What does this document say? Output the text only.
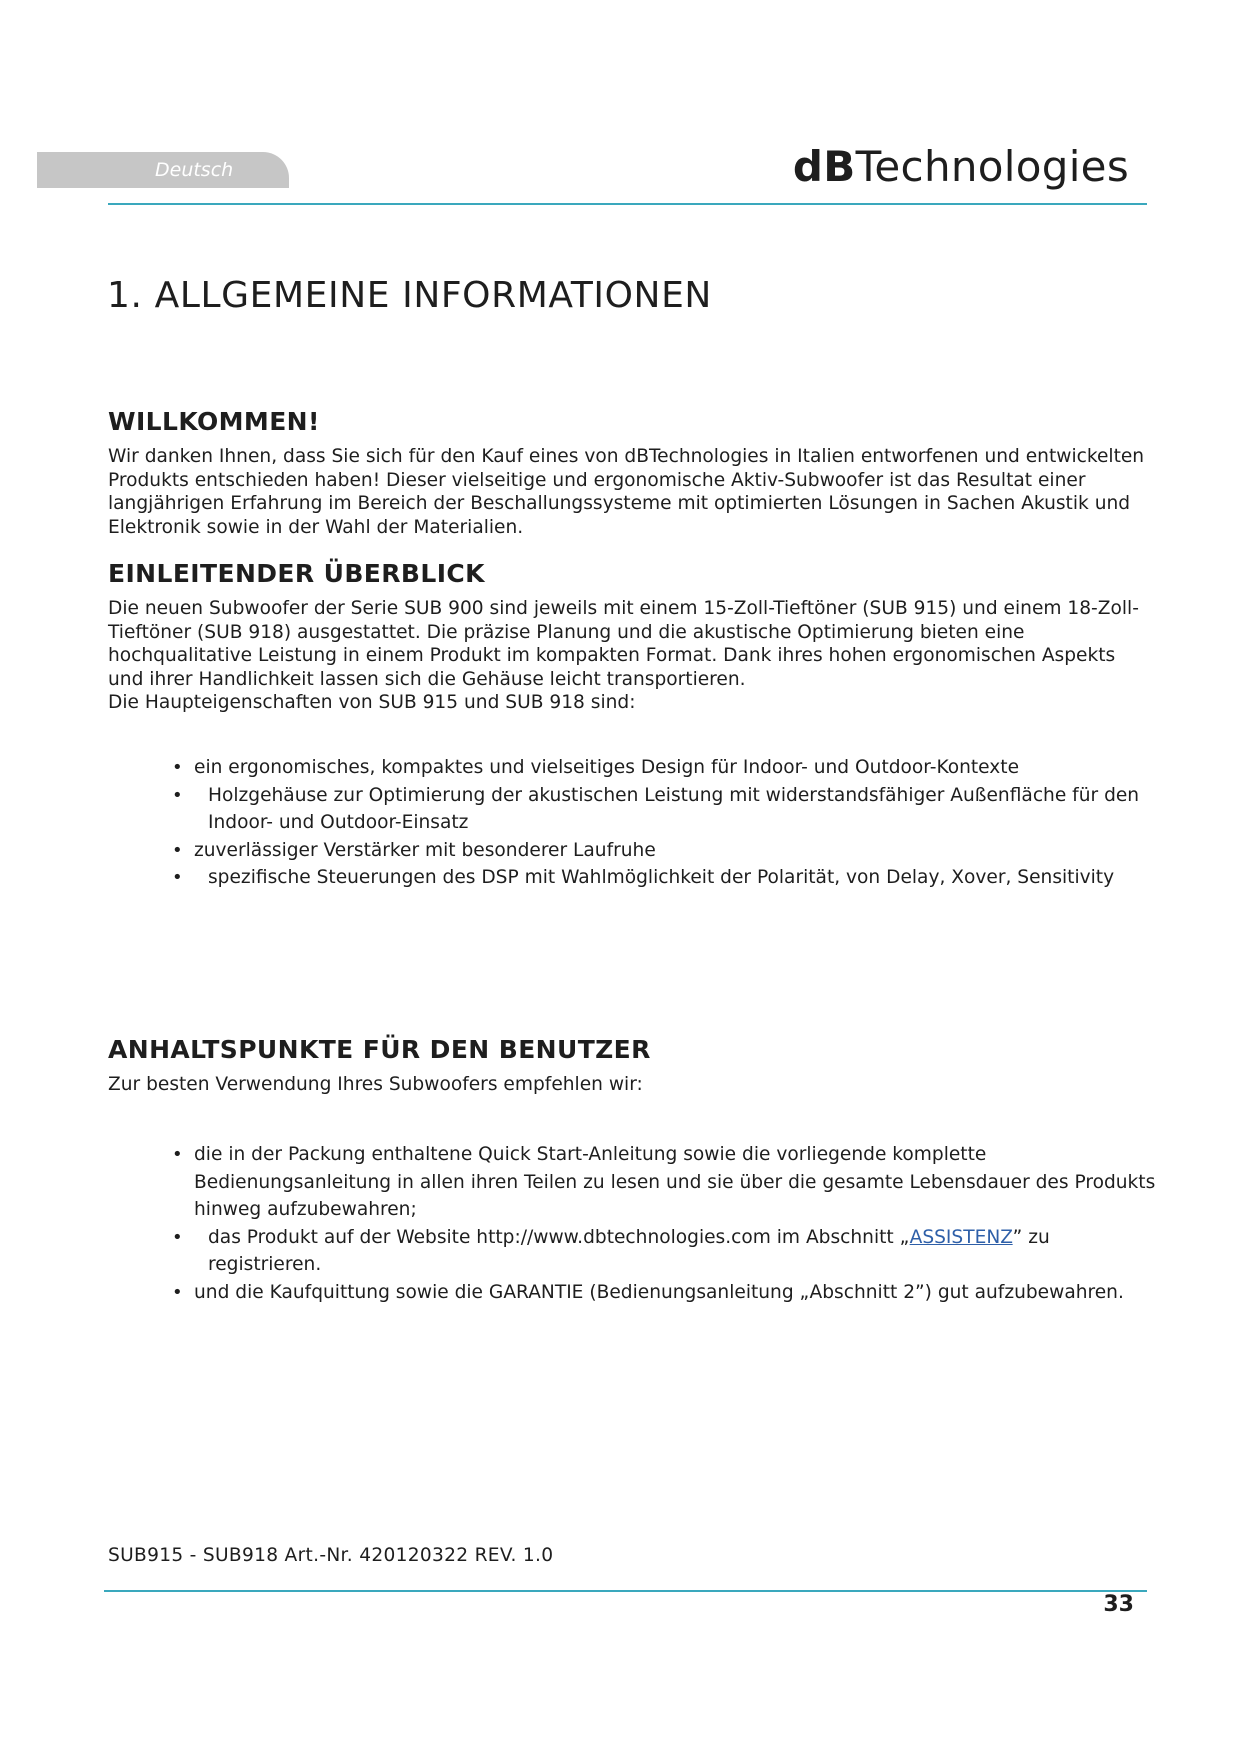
Deutsch	dBTechnologies
1. ALLGEMEINE INFORMATIONEN
WILLKOMMEN!

Wir danken Ihnen, dass Sie sich für den Kauf eines von dBTechnologies in Italien entworfenen und entwickelten Produkts entschieden haben! Dieser vielseitige und ergonomische Aktiv-Subwoofer ist das Resultat einer langjährigen Erfahrung im Bereich der Beschallungssysteme mit optimierten Lösungen in Sachen Akustik und Elektronik sowie in der Wahl der Materialien.

EINLEITENDER ÜBERBLICK

Die neuen Subwoofer der Serie SUB 900 sind jeweils mit einem 15-Zoll-Tieftöner (SUB 915) und einem 18-Zoll-Tieftöner (SUB 918) ausgestattet. Die präzise Planung und die akustische Optimierung bieten eine hochqualitative Leistung in einem Produkt im kompakten Format. Dank ihres hohen ergonomischen Aspekts und ihrer Handlichkeit lassen sich die Gehäuse leicht transportieren.

Die Haupteigenschaften von SUB 915 und SUB 918 sind:

• ein ergonomisches, kompaktes und vielseitiges Design für Indoor- und Outdoor-Kontexte
• Holzgehäuse zur Optimierung der akustischen Leistung mit widerstandsfähiger Außenfläche für den Indoor- und Outdoor-Einsatz
• zuverlässiger Verstärker mit besonderer Laufruhe
• spezifische Steuerungen des DSP mit Wahlmöglichkeit der Polarität, von Delay, Xover, Sensitivity
ANHALTSPUNKTE FÜR DEN BENUTZER

Zur besten Verwendung Ihres Subwoofers empfehlen wir:

• die in der Packung enthaltene Quick Start-Anleitung sowie die vorliegende komplette Bedienungsanleitung in allen ihren Teilen zu lesen und sie über die gesamte Lebensdauer des Produkts hinweg aufzubewahren;
• das Produkt auf der Website http://www.dbtechnologies.com im Abschnitt „ASSISTENZ” zu registrieren.
• und die Kaufquittung sowie die GARANTIE (Bedienungsanleitung „Abschnitt 2”) gut aufzubewahren.
SUB915 - SUB918 Art.-Nr. 420120322 REV. 1.0
33
